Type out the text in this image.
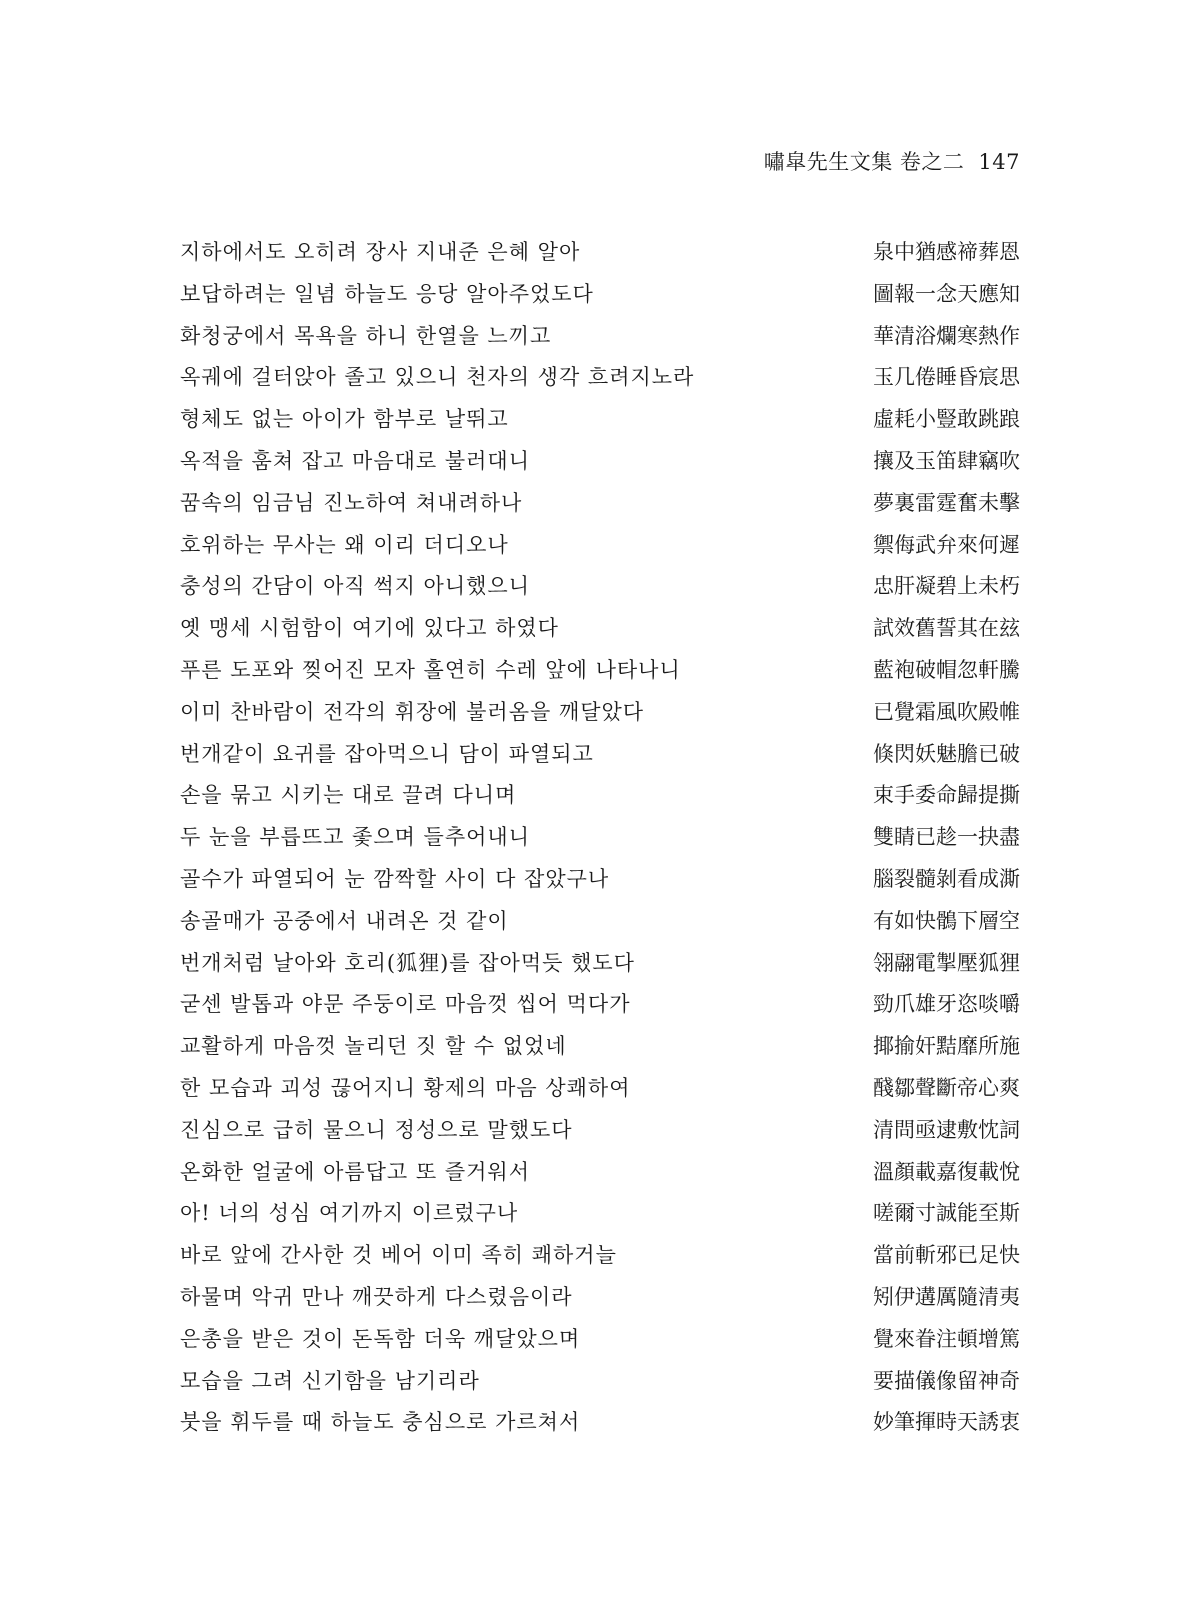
嘯皐先生文集 卷之二 147
지하에서도 오히려 장사 지내준 은혜 알아	泉中猶感禘葬恩
보답하려는 일념 하늘도 응당 알아주었도다	圖報一念天應知
화청궁에서 목욕을 하니 한열을 느끼고	華清浴爛寒熱作
옥궤에 걸터앉아 졸고 있으니 천자의 생각 흐려지노라	玉几倦睡昏宸思
형체도 없는 아이가 함부로 날뛰고	虛耗小豎敢跳踉
옥적을 훔쳐 잡고 마음대로 불러대니	攘及玉笛肆竊吹
꿈속의 임금님 진노하여 쳐내려하나	夢裏雷霆奮未擊
호위하는 무사는 왜 이리 더디오나	禦侮武弁來何遲
충성의 간담이 아직 썩지 아니했으니	忠肝凝碧上未朽
옛 맹세 시험함이 여기에 있다고 하였다	試效舊誓其在玆
푸른 도포와 찢어진 모자 홀연히 수레 앞에 나타나니	藍袍破帽忽軒騰
이미 찬바람이 전각의 휘장에 불러옴을 깨달았다	已覺霜風吹殿帷
번개같이 요귀를 잡아먹으니 담이 파열되고	倏閃妖魅膽已破
손을 묶고 시키는 대로 끌려 다니며	束手委命歸提撕
두 눈을 부릅뜨고 좇으며 들추어내니	雙睛已趁一抉盡
골수가 파열되어 눈 깜짝할 사이 다 잡았구나	腦裂髓剝看成澌
송골매가 공중에서 내려온 것 같이	有如快鶻下層空
번개처럼 날아와 호리(狐狸)를 잡아먹듯 했도다	翎翮電掣壓狐狸
굳센 발톱과 야문 주둥이로 마음껏 씹어 먹다가	勁爪雄牙恣啖嚼
교활하게 마음껏 놀리던 짓 할 수 없었네	揶揄奸黠靡所施
한 모습과 괴성 끊어지니 황제의 마음 상쾌하여	醆鄒聲斷帝心爽
진심으로 급히 물으니 정성으로 말했도다	清問亟逮敷忱詞
온화한 얼굴에 아름답고 또 즐거워서	溫顏載嘉復載悅
아! 너의 성심 여기까지 이르렀구나	嗟爾寸誠能至斯
바로 앞에 간사한 것 베어 이미 족히 쾌하거늘	當前斬邪已足快
하물며 악귀 만나 깨끗하게 다스렸음이라	矧伊遘厲隨清夷
은총을 받은 것이 돈독함 더욱 깨달았으며	覺來眷注頓增篤
모습을 그려 신기함을 남기리라	要描儀像留神奇
붓을 휘두를 때 하늘도 충심으로 가르쳐서	妙筆揮時天誘衷
